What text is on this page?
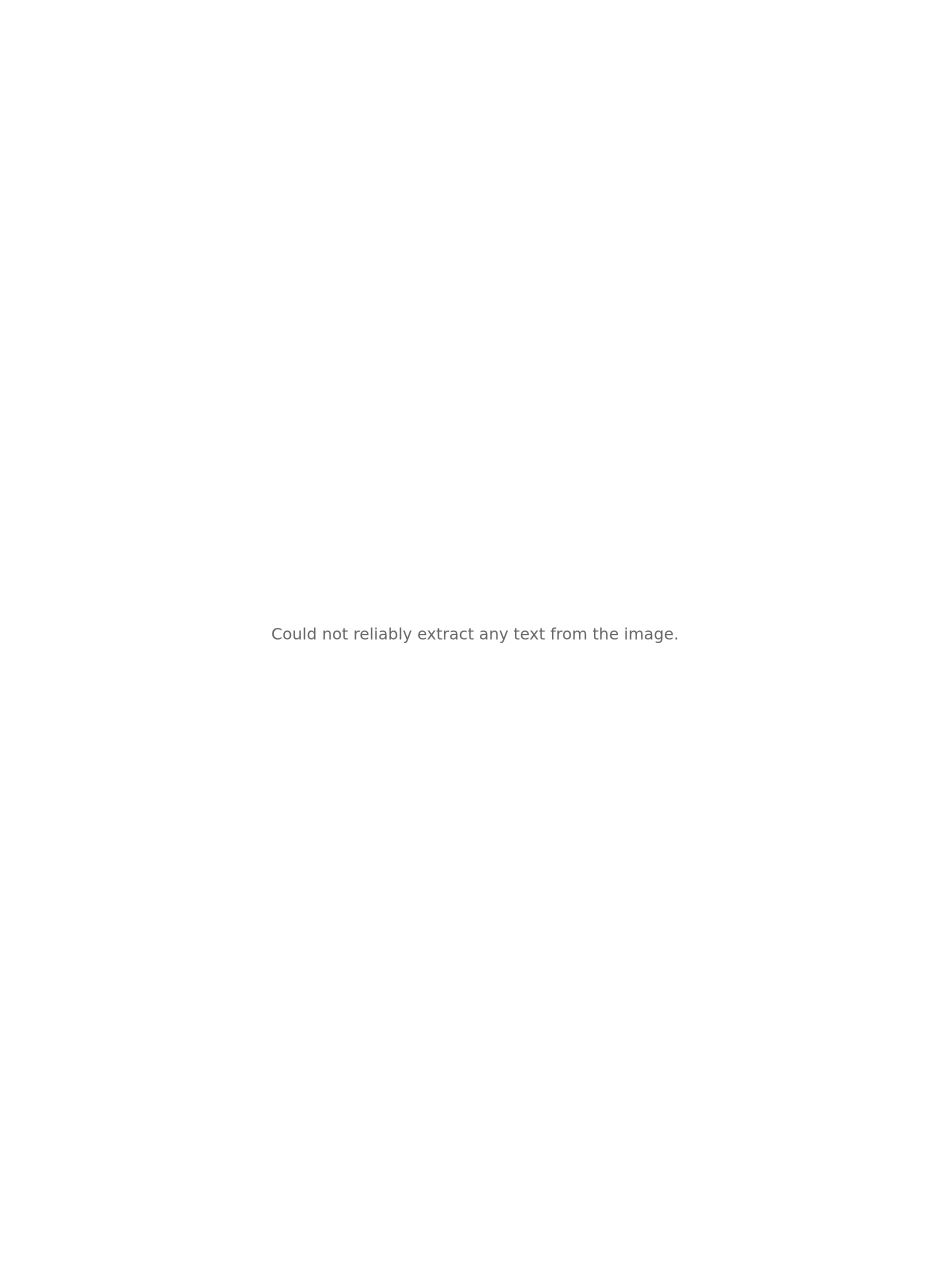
Could not reliably extract any text from the image.
